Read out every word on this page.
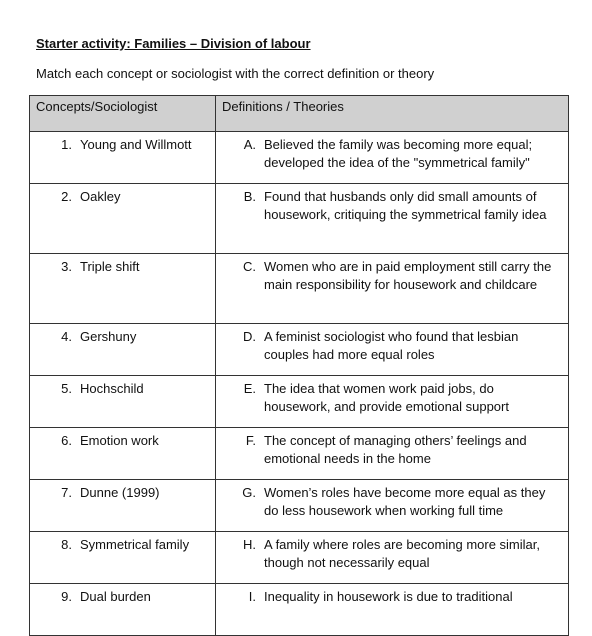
Starter activity: Families – Division of labour
Match each concept or sociologist with the correct definition or theory
Concepts/Sociologist	Definitions / Theories

1. Young and Willmott	A. Believed the family was becoming more equal; developed the idea of the "symmetrical family"

2. Oakley	B. Found that husbands only did small amounts of housework, critiquing the symmetrical family idea

3. Triple shift	C. Women who are in paid employment still carry the main responsibility for housework and childcare

4. Gershuny	D. A feminist sociologist who found that lesbian couples had more equal roles

5. Hochschild	E. The idea that women work paid jobs, do housework, and provide emotional support

6. Emotion work	F. The concept of managing others’ feelings and emotional needs in the home

7. Dunne (1999)	G. Women’s roles have become more equal as they do less housework when working full time

8. Symmetrical family	H. A family where roles are becoming more similar, though not necessarily equal

9. Dual burden	I. Inequality in housework is due to traditional
